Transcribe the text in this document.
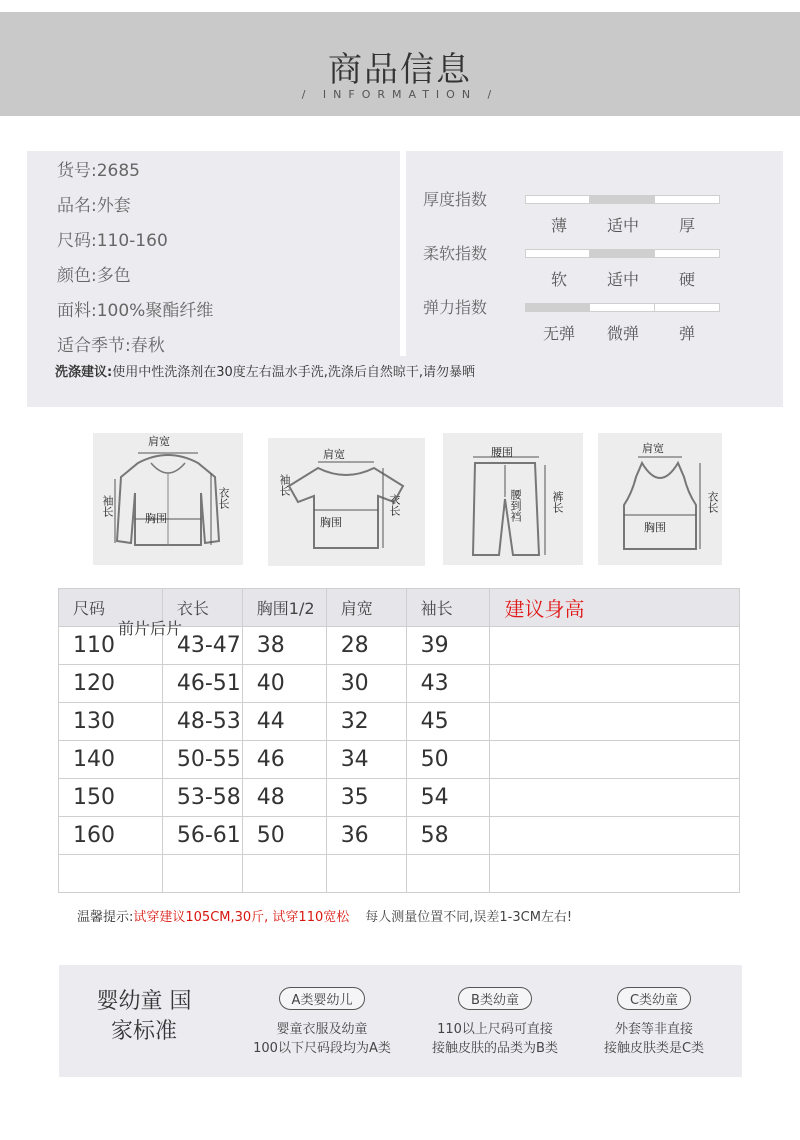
商品信息
/ INFORMATION /
货号:2685
品名:外套
尺码:110-160
颜色:多色
面料:100%聚酯纤维
适合季节:春秋
厚度指数
薄	适中	厚
柔软指数
软	适中	硬
弹力指数
无弹	微弹	弹
洗涤建议:使用中性洗涤剂在30度左右温水手洗,洗涤后自然晾干,请勿暴晒
肩宽
胸围
袖长	衣长
肩宽
胸围
袖长
衣长
腰围
腰到裆	裤长
肩宽
胸围
衣长
尺码	衣长	胸围1/2	肩宽	袖长	建议身高
110	43-47	38	28	39	
120	46-51	40	30	43	
130	48-53	44	32	45	
140	50-55	46	34	50	
150	53-58	48	35	54	
160	56-61	50	36	58	

前片后片
温馨提示:试穿建议105CM,30斤, 试穿110宽松 每人测量位置不同,误差1-3CM左右!
婴幼童 国家标准
A类婴幼儿
婴童衣服及幼童
100以下尺码段均为A类
B类幼童
110以上尺码可直接
接触皮肤的品类为B类
C类幼童
外套等非直接
接触皮肤类是C类
